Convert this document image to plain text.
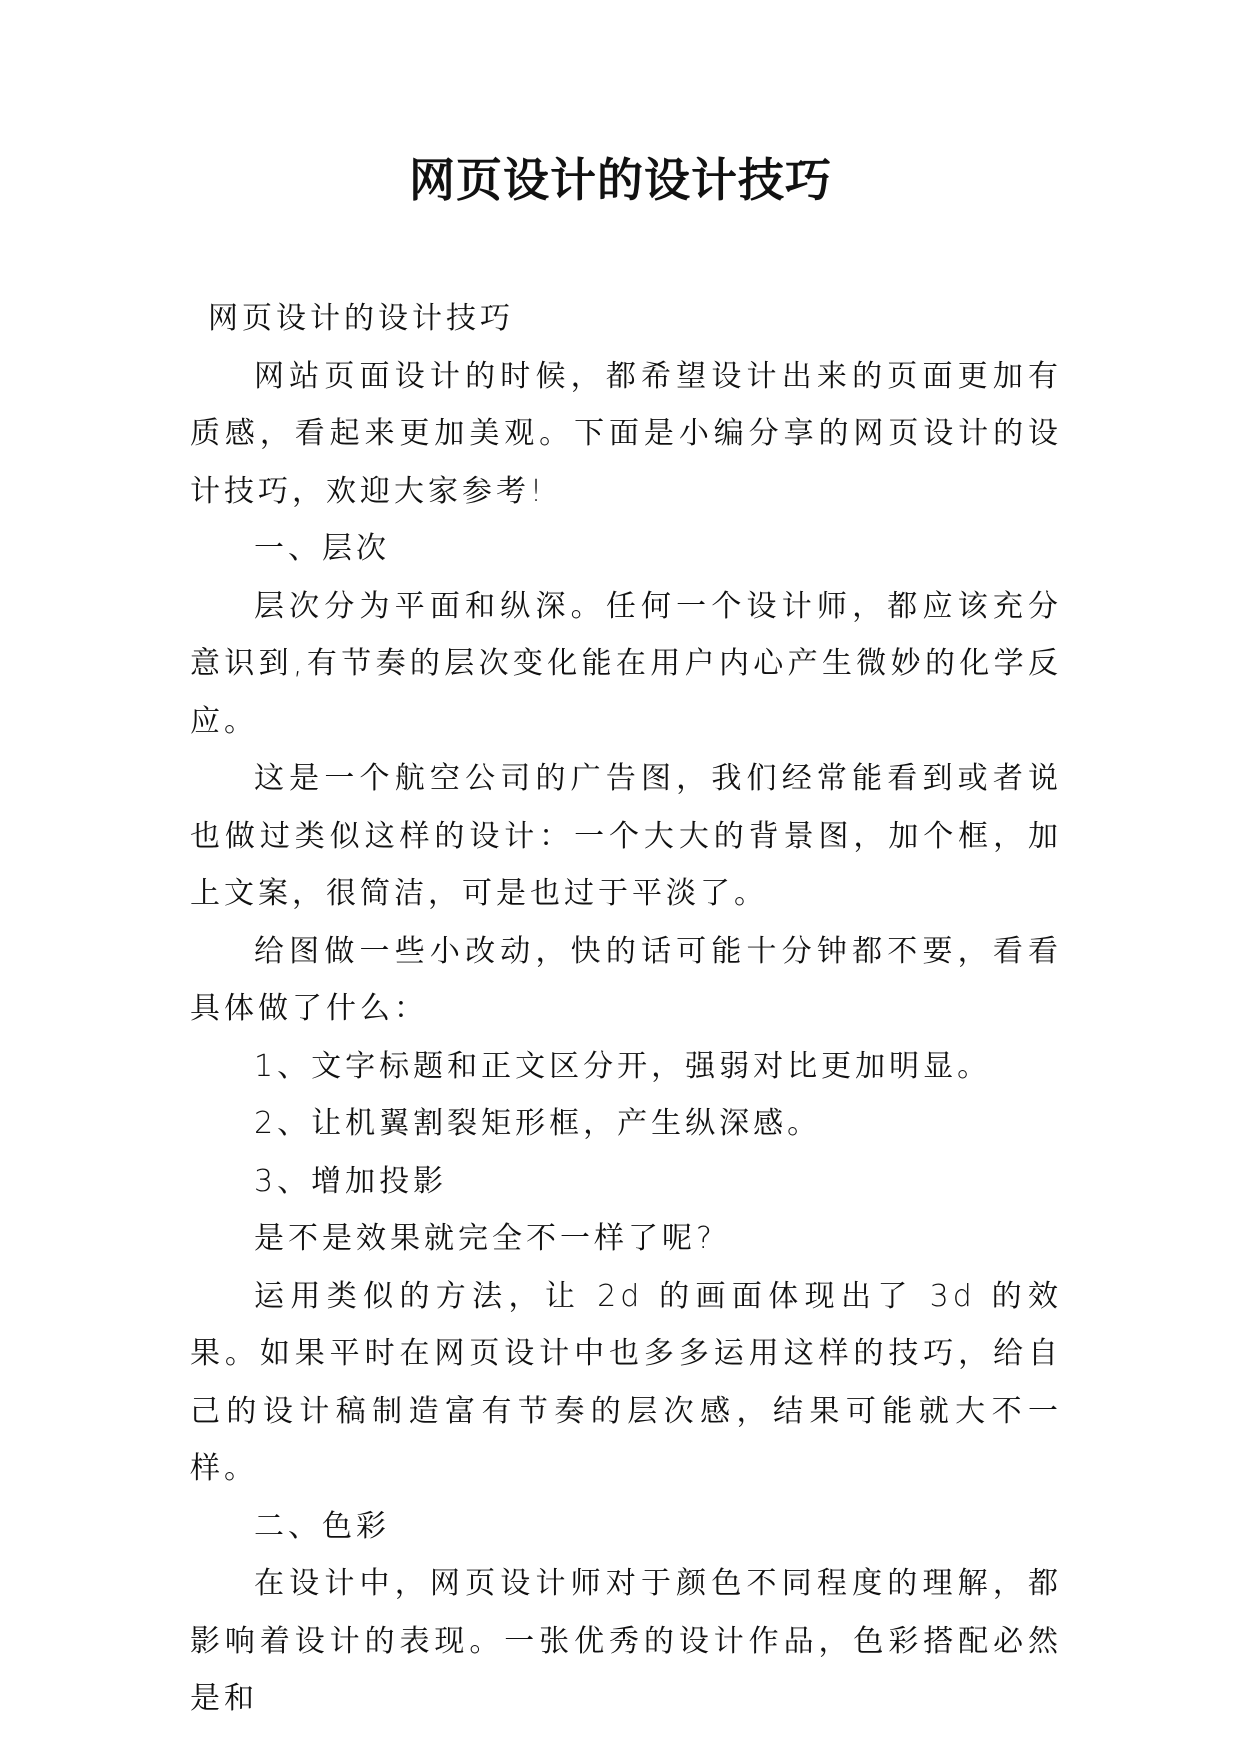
网页设计的设计技巧

网页设计的设计技巧

网站页面设计的时候，都希望设计出来的页面更加有质感，看起来更加美观。下面是小编分享的网页设计的设计技巧，欢迎大家参考!

一、层次

层次分为平面和纵深。任何一个设计师，都应该充分意识到,有节奏的层次变化能在用户内心产生微妙的化学反应。

这是一个航空公司的广告图，我们经常能看到或者说也做过类似这样的设计：一个大大的背景图，加个框，加上文案，很简洁，可是也过于平淡了。

给图做一些小改动，快的话可能十分钟都不要，看看具体做了什么：

1、文字标题和正文区分开，强弱对比更加明显。

2、让机翼割裂矩形框，产生纵深感。

3、增加投影

是不是效果就完全不一样了呢?

运用类似的方法，让 2d 的画面体现出了 3d 的效果。如果平时在网页设计中也多多运用这样的技巧，给自己的设计稿制造富有节奏的层次感，结果可能就大不一样。

二、色彩

在设计中，网页设计师对于颜色不同程度的理解，都影响着设计的表现。一张优秀的设计作品，色彩搭配必然是和
